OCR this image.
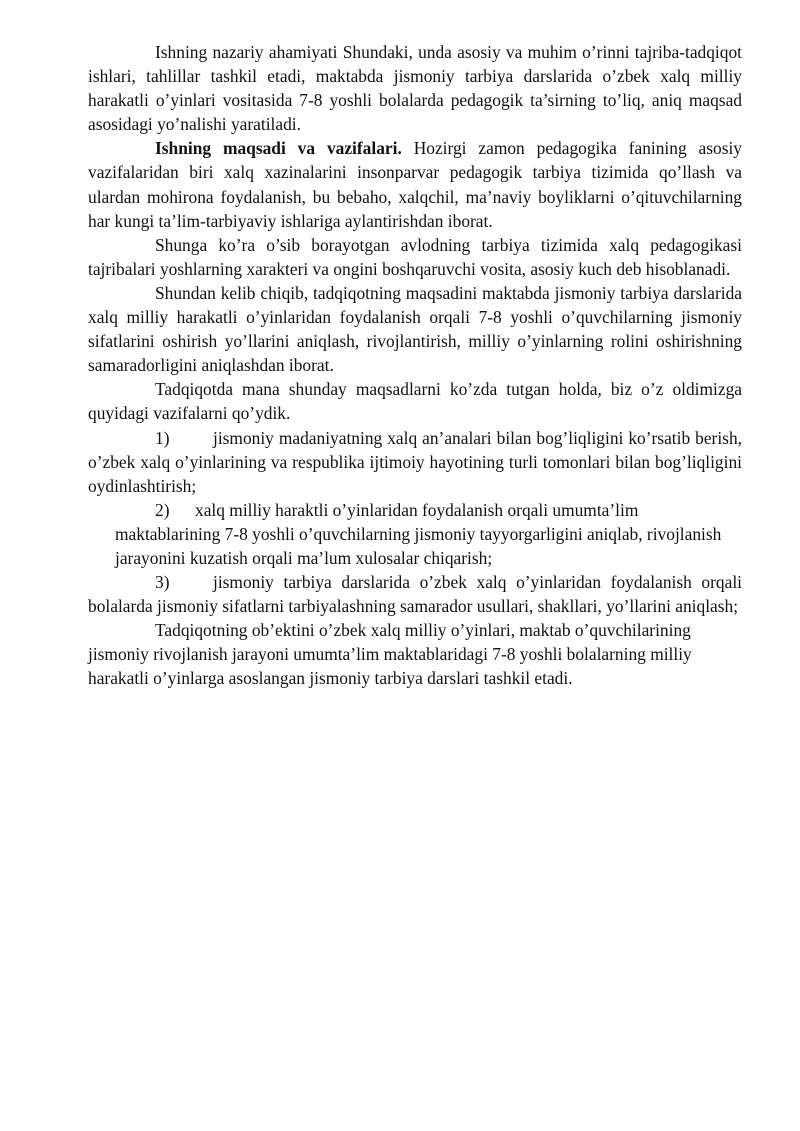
Ishning nazariy ahamiyati Shundaki, unda asosiy va muhim o’rinni tajriba-tadqiqot ishlari, tahlillar tashkil etadi, maktabda jismoniy tarbiya darslarida o’zbek xalq milliy harakatli o’yinlari vositasida 7-8 yoshli bolalarda pedagogik ta’sirning to’liq, aniq maqsad asosidagi yo’nalishi yaratiladi.

Ishning maqsadi va vazifalari. Hozirgi zamon pedagogika fanining asosiy vazifalaridan biri xalq xazinalarini insonparvar pedagogik tarbiya tizimida qo’llash va ulardan mohirona foydalanish, bu bebaho, xalqchil, ma’naviy boyliklarni o’qituvchilarning har kungi ta’lim-tarbiyaviy ishlariga aylantirishdan iborat.

Shunga ko’ra o’sib borayotgan avlodning tarbiya tizimida xalq pedagogikasi tajribalari yoshlarning xarakteri va ongini boshqaruvchi vosita, asosiy kuch deb hisoblanadi.

Shundan kelib chiqib, tadqiqotning maqsadini maktabda jismoniy tarbiya darslarida xalq milliy harakatli o’yinlaridan foydalanish orqali 7-8 yoshli o’quvchilarning jismoniy sifatlarini oshirish yo’llarini aniqlash, rivojlantirish, milliy o’yinlarning rolini oshirishning samaradorligini aniqlashdan iborat.

Tadqiqotda mana shunday maqsadlarni ko’zda tutgan holda, biz o’z oldimizga quyidagi vazifalarni qo’ydik.

1)	jismoniy madaniyatning xalq an’analari bilan bog’liqligini ko’rsatib berish, o’zbek xalq o’yinlarining va respublika ijtimoiy hayotining turli tomonlari bilan bog’liqligini oydinlashtirish;

2) xalq milliy haraktli o’yinlaridan foydalanish orqali umumta’lim maktablarining 7-8 yoshli o’quvchilarning jismoniy tayyorgarligini aniqlab, rivojlanish jarayonini kuzatish orqali ma’lum xulosalar chiqarish;

3)	jismoniy tarbiya darslarida o’zbek xalq o’yinlaridan foydalanish orqali bolalarda jismoniy sifatlarni tarbiyalashning samarador usullari, shakllari, yo’llarini aniqlash;

Tadqiqotning ob’ektini o’zbek xalq milliy o’yinlari, maktab o’quvchilarining jismoniy rivojlanish jarayoni umumta’lim maktablaridagi 7-8 yoshli bolalarning milliy harakatli o’yinlarga asoslangan jismoniy tarbiya darslari tashkil etadi.
